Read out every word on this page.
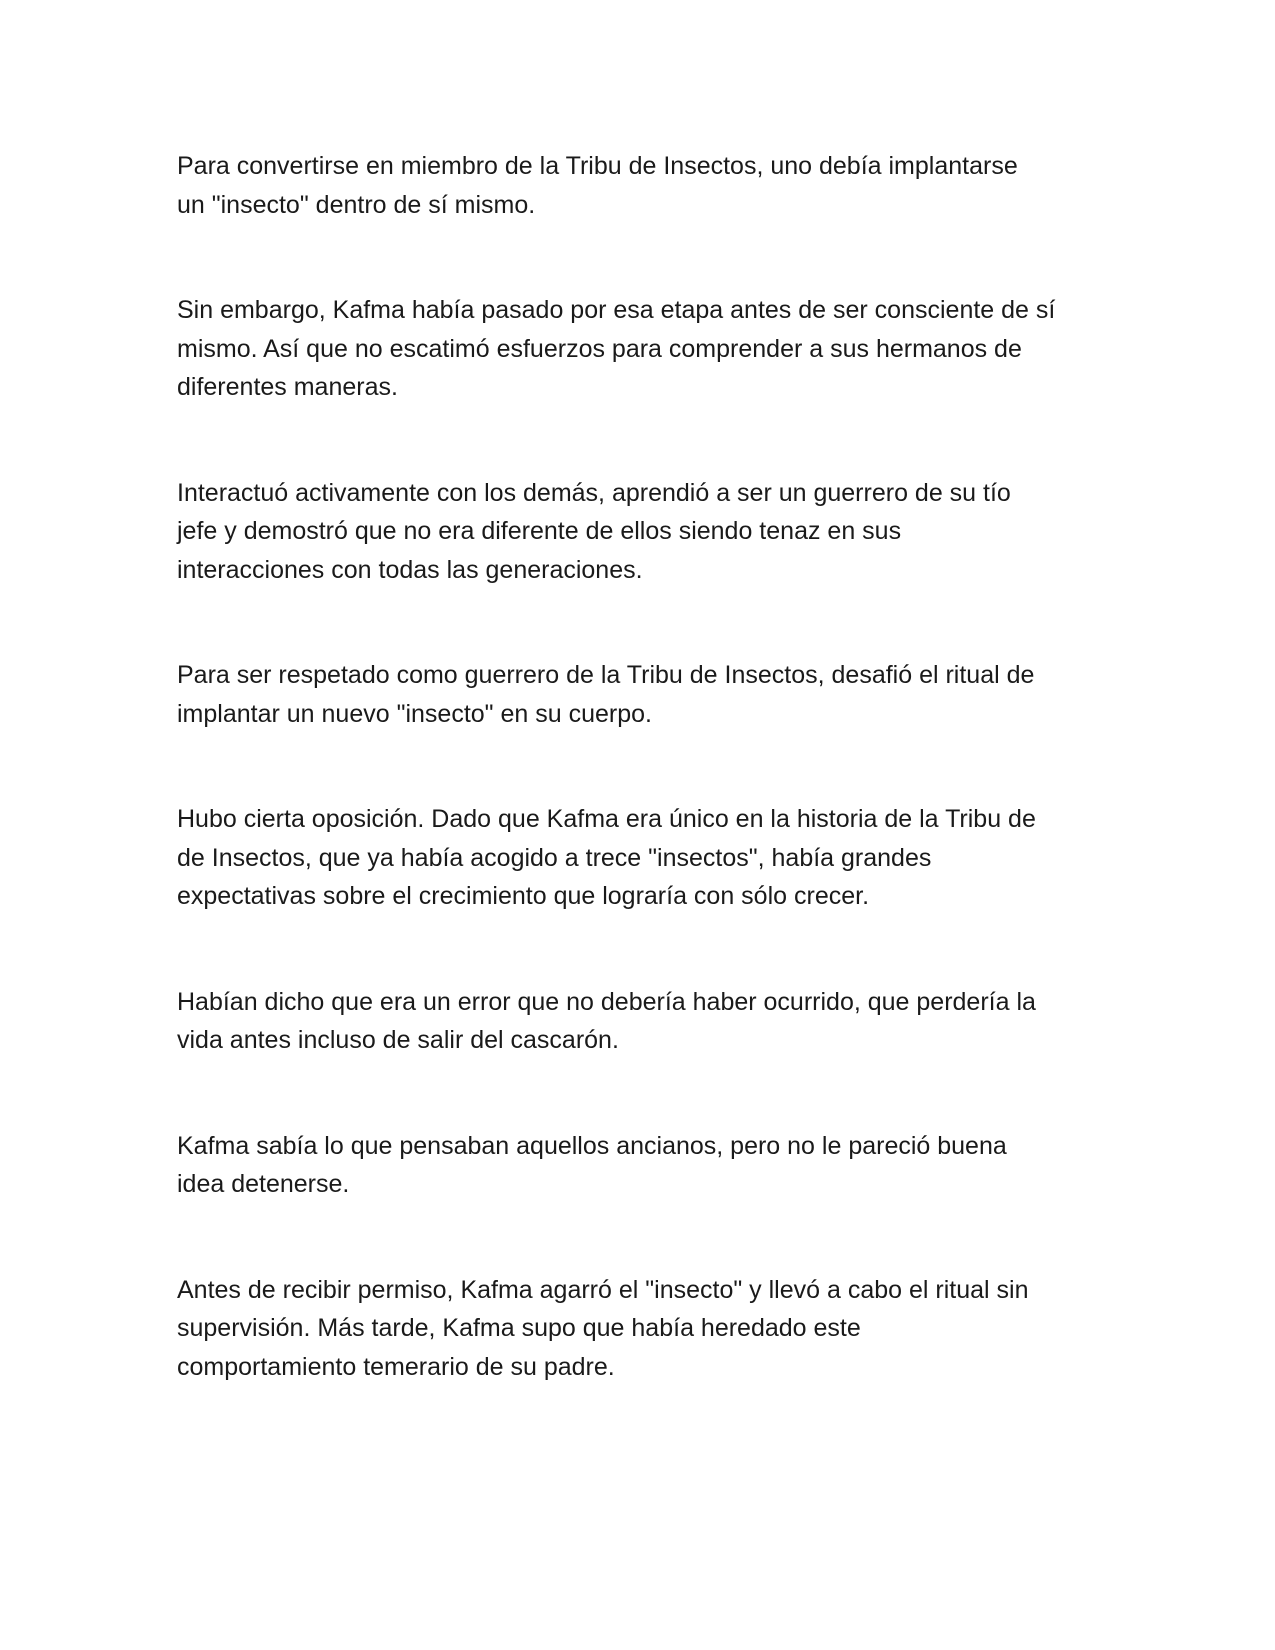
Para convertirse en miembro de la Tribu de Insectos, uno debía implantarse
un "insecto" dentro de sí mismo.

Sin embargo, Kafma había pasado por esa etapa antes de ser consciente de sí
mismo. Así que no escatimó esfuerzos para comprender a sus hermanos de
diferentes maneras.

Interactuó activamente con los demás, aprendió a ser un guerrero de su tío
jefe y demostró que no era diferente de ellos siendo tenaz en sus
interacciones con todas las generaciones.

Para ser respetado como guerrero de la Tribu de Insectos, desafió el ritual de
implantar un nuevo "insecto" en su cuerpo.

Hubo cierta oposición. Dado que Kafma era único en la historia de la Tribu de
de Insectos, que ya había acogido a trece "insectos", había grandes
expectativas sobre el crecimiento que lograría con sólo crecer.

Habían dicho que era un error que no debería haber ocurrido, que perdería la
vida antes incluso de salir del cascarón.

Kafma sabía lo que pensaban aquellos ancianos, pero no le pareció buena
idea detenerse.

Antes de recibir permiso, Kafma agarró el "insecto" y llevó a cabo el ritual sin
supervisión. Más tarde, Kafma supo que había heredado este
comportamiento temerario de su padre.
